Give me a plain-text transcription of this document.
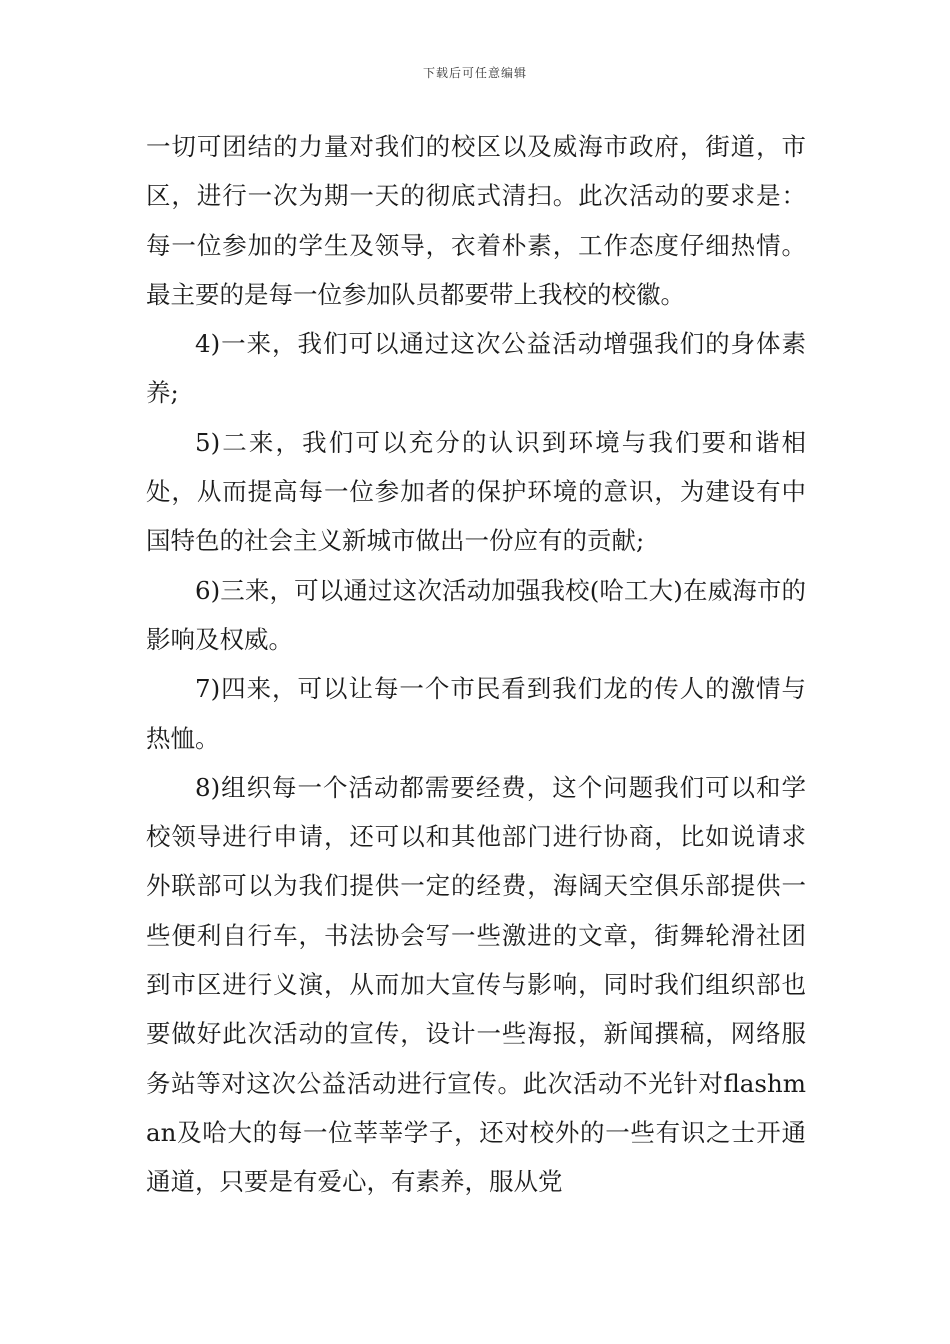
下载后可任意编辑

一切可团结的力量对我们的校区以及威海市政府，街道，市区，进行一次为期一天的彻底式清扫。此次活动的要求是：每一位参加的学生及领导，衣着朴素，工作态度仔细热情。最主要的是每一位参加队员都要带上我校的校徽。

4)一来，我们可以通过这次公益活动增强我们的身体素养;

5)二来，我们可以充分的认识到环境与我们要和谐相处，从而提高每一位参加者的保护环境的意识，为建设有中国特色的社会主义新城市做出一份应有的贡献;

6)三来，可以通过这次活动加强我校(哈工大)在威海市的影响及权威。

7)四来，可以让每一个市民看到我们龙的传人的激情与热恤。

8)组织每一个活动都需要经费，这个问题我们可以和学校领导进行申请，还可以和其他部门进行协商，比如说请求外联部可以为我们提供一定的经费，海阔天空俱乐部提供一些便利自行车，书法协会写一些激进的文章，街舞轮滑社团到市区进行义演，从而加大宣传与影响，同时我们组织部也要做好此次活动的宣传，设计一些海报，新闻撰稿，网络服务站等对这次公益活动进行宣传。此次活动不光针对flashman及哈大的每一位莘莘学子，还对校外的一些有识之士开通通道，只要是有爱心，有素养，服从党
